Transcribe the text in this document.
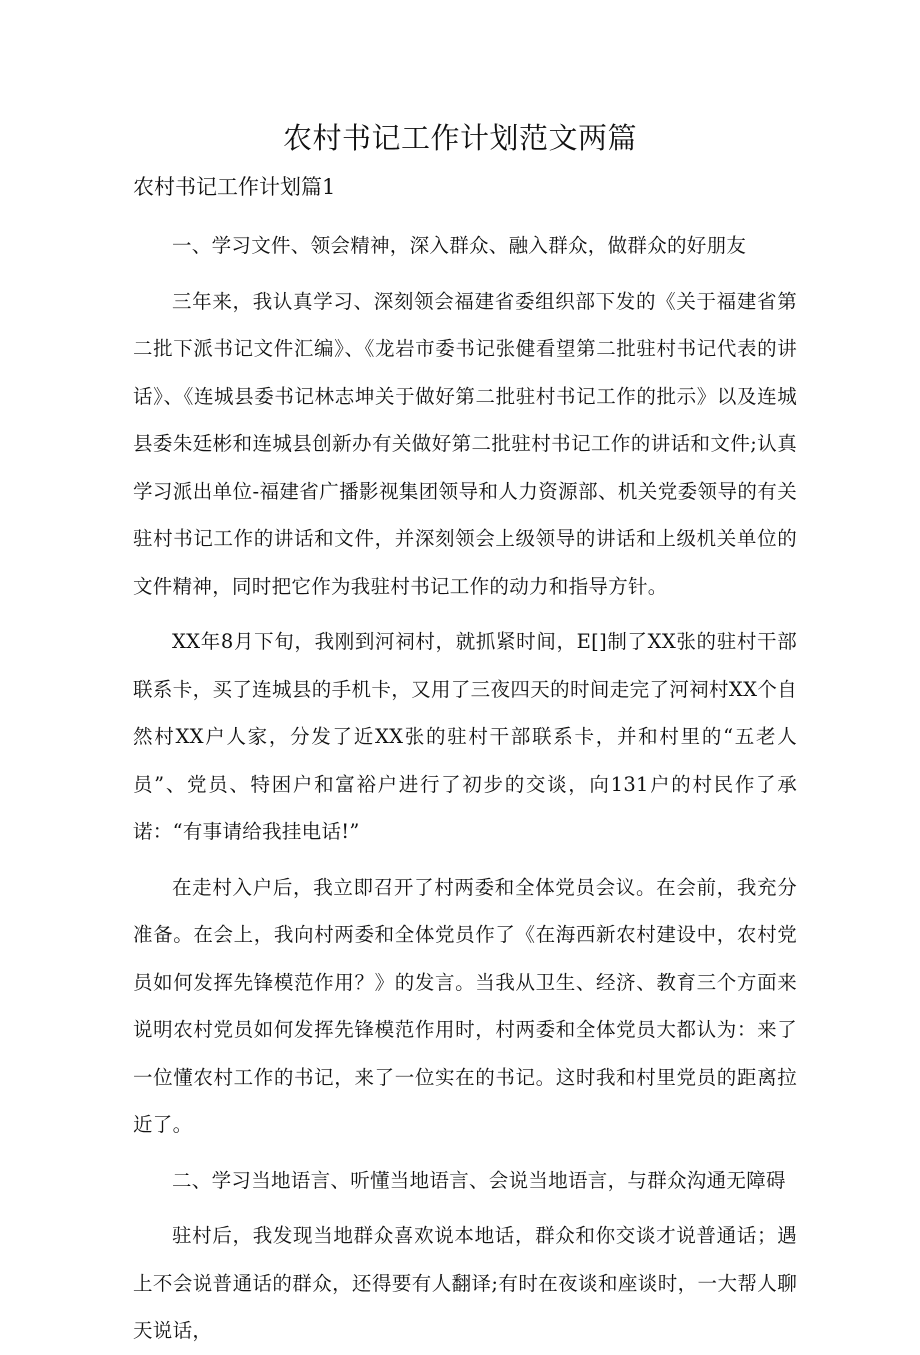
农村书记工作计划范文两篇
农村书记工作计划篇1

一、学习文件、领会精神，深入群众、融入群众，做群众的好朋友

三年来，我认真学习、深刻领会福建省委组织部下发的《关于福建省第二批下派书记文件汇编》、《龙岩市委书记张健看望第二批驻村书记代表的讲话》、《连城县委书记林志坤关于做好第二批驻村书记工作的批示》以及连城县委朱廷彬和连城县创新办有关做好第二批驻村书记工作的讲话和文件;认真学习派出单位-福建省广播影视集团领导和人力资源部、机关党委领导的有关驻村书记工作的讲话和文件，并深刻领会上级领导的讲话和上级机关单位的文件精神，同时把它作为我驻村书记工作的动力和指导方针。

XX年8月下旬，我刚到河祠村，就抓紧时间，E[]制了XX张的驻村干部联系卡，买了连城县的手机卡，又用了三夜四天的时间走完了河祠村XX个自然村XX户人家，分发了近XX张的驻村干部联系卡，并和村里的“五老人员”、党员、特困户和富裕户进行了初步的交谈，向131户的村民作了承诺：“有事请给我挂电话!”

在走村入户后，我立即召开了村两委和全体党员会议。在会前，我充分准备。在会上，我向村两委和全体党员作了《在海西新农村建设中，农村党员如何发挥先锋模范作用？》的发言。当我从卫生、经济、教育三个方面来说明农村党员如何发挥先锋模范作用时，村两委和全体党员大都认为：来了一位懂农村工作的书记，来了一位实在的书记。这时我和村里党员的距离拉近了。

二、学习当地语言、听懂当地语言、会说当地语言，与群众沟通无障碍

驻村后，我发现当地群众喜欢说本地话，群众和你交谈才说普通话；遇上不会说普通话的群众，还得要有人翻译;有时在夜谈和座谈时，一大帮人聊天说话，
